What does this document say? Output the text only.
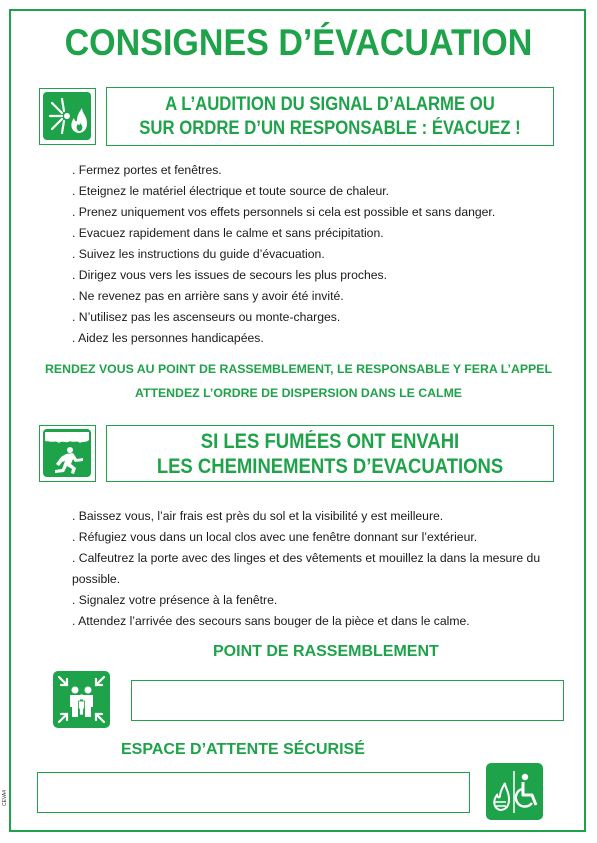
CONSIGNES D’ÉVACUATION
A L’AUDITION DU SIGNAL D’ALARME OU
SUR ORDRE D’UN RESPONSABLE : ÉVACUEZ !
. Fermez portes et fenêtres.
. Eteignez le matériel électrique et toute source de chaleur.
. Prenez uniquement vos effets personnels si cela est possible et sans danger.
. Evacuez rapidement dans le calme et sans précipitation.
. Suivez les instructions du guide d’évacuation.
. Dirigez vous vers les issues de secours les plus proches.
. Ne revenez pas en arrière sans y avoir été invité.
. N’utilisez pas les ascenseurs ou monte-charges.
. Aidez les personnes handicapées.
RENDEZ VOUS AU POINT DE RASSEMBLEMENT, LE RESPONSABLE Y FERA L’APPEL
ATTENDEZ L’ORDRE DE DISPERSION DANS LE CALME
SI LES FUMÉES ONT ENVAHI
LES CHEMINEMENTS D’EVACUATIONS
. Baissez vous, l’air frais est près du sol et la visibilité y est meilleure.
. Réfugiez vous dans un local clos avec une fenêtre donnant sur l’extérieur.
. Calfeutrez la porte avec des linges et des vêtements et mouillez la dans la mesure du possible.
. Signalez votre présence à la fenêtre.
. Attendez l’arrivée des secours sans bouger de la pièce et dans le calme.
POINT DE RASSEMBLEMENT
ESPACE D’ATTENTE SÉCURISÉ
CEVA4
